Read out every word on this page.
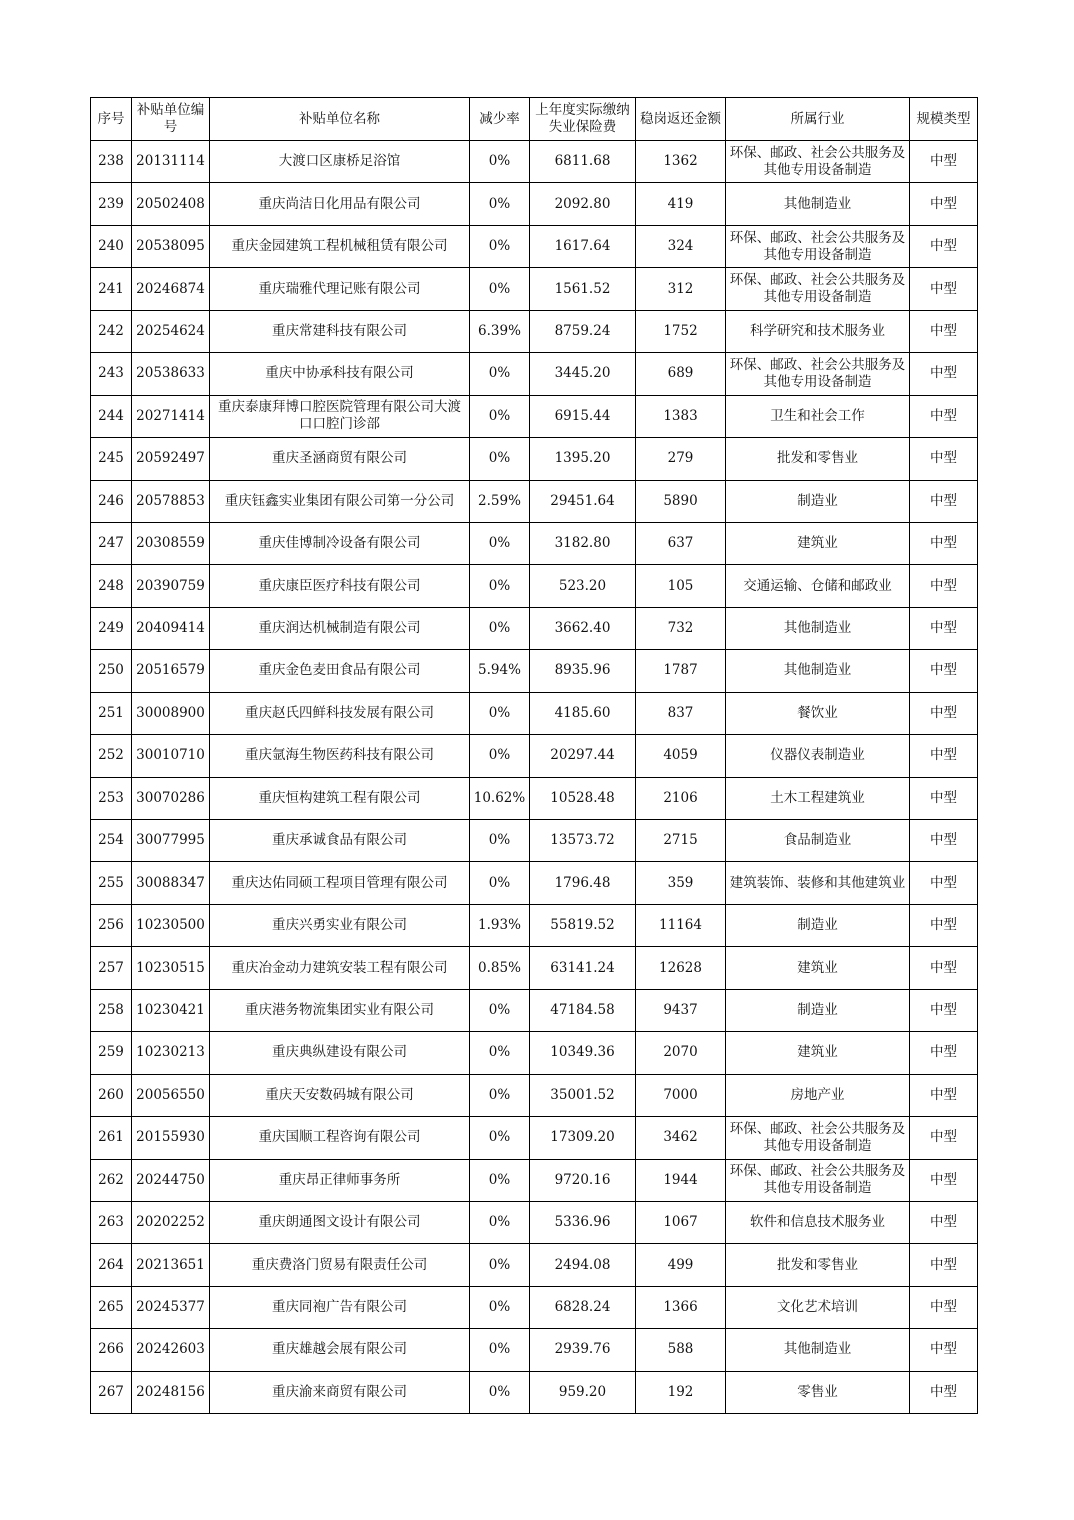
序号	补贴单位编号	补贴单位名称	减少率	上年度实际缴纳失业保险费	稳岗返还金额	所属行业	规模类型
238	20131114	大渡口区康桥足浴馆	0%	6811.68	1362	环保、邮政、社会公共服务及其他专用设备制造	中型
239	20502408	重庆尚洁日化用品有限公司	0%	2092.80	419	其他制造业	中型
240	20538095	重庆金园建筑工程机械租赁有限公司	0%	1617.64	324	环保、邮政、社会公共服务及其他专用设备制造	中型
241	20246874	重庆瑞雅代理记账有限公司	0%	1561.52	312	环保、邮政、社会公共服务及其他专用设备制造	中型
242	20254624	重庆常建科技有限公司	6.39%	8759.24	1752	科学研究和技术服务业	中型
243	20538633	重庆中协承科技有限公司	0%	3445.20	689	环保、邮政、社会公共服务及其他专用设备制造	中型
244	20271414	重庆泰康拜博口腔医院管理有限公司大渡口口腔门诊部	0%	6915.44	1383	卫生和社会工作	中型
245	20592497	重庆圣涵商贸有限公司	0%	1395.20	279	批发和零售业	中型
246	20578853	重庆钰鑫实业集团有限公司第一分公司	2.59%	29451.64	5890	制造业	中型
247	20308559	重庆佳博制冷设备有限公司	0%	3182.80	637	建筑业	中型
248	20390759	重庆康臣医疗科技有限公司	0%	523.20	105	交通运输、仓储和邮政业	中型
249	20409414	重庆润达机械制造有限公司	0%	3662.40	732	其他制造业	中型
250	20516579	重庆金色麦田食品有限公司	5.94%	8935.96	1787	其他制造业	中型
251	30008900	重庆赵氏四鲜科技发展有限公司	0%	4185.60	837	餐饮业	中型
252	30010710	重庆氩海生物医药科技有限公司	0%	20297.44	4059	仪器仪表制造业	中型
253	30070286	重庆恒构建筑工程有限公司	10.62%	10528.48	2106	土木工程建筑业	中型
254	30077995	重庆承诚食品有限公司	0%	13573.72	2715	食品制造业	中型
255	30088347	重庆达佑同硕工程项目管理有限公司	0%	1796.48	359	建筑装饰、装修和其他建筑业	中型
256	10230500	重庆兴勇实业有限公司	1.93%	55819.52	11164	制造业	中型
257	10230515	重庆冶金动力建筑安装工程有限公司	0.85%	63141.24	12628	建筑业	中型
258	10230421	重庆港务物流集团实业有限公司	0%	47184.58	9437	制造业	中型
259	10230213	重庆典纵建设有限公司	0%	10349.36	2070	建筑业	中型
260	20056550	重庆天安数码城有限公司	0%	35001.52	7000	房地产业	中型
261	20155930	重庆国顺工程咨询有限公司	0%	17309.20	3462	环保、邮政、社会公共服务及其他专用设备制造	中型
262	20244750	重庆昂正律师事务所	0%	9720.16	1944	环保、邮政、社会公共服务及其他专用设备制造	中型
263	20202252	重庆朗通图文设计有限公司	0%	5336.96	1067	软件和信息技术服务业	中型
264	20213651	重庆费洛门贸易有限责任公司	0%	2494.08	499	批发和零售业	中型
265	20245377	重庆同袍广告有限公司	0%	6828.24	1366	文化艺术培训	中型
266	20242603	重庆雄越会展有限公司	0%	2939.76	588	其他制造业	中型
267	20248156	重庆渝来商贸有限公司	0%	959.20	192	零售业	中型
